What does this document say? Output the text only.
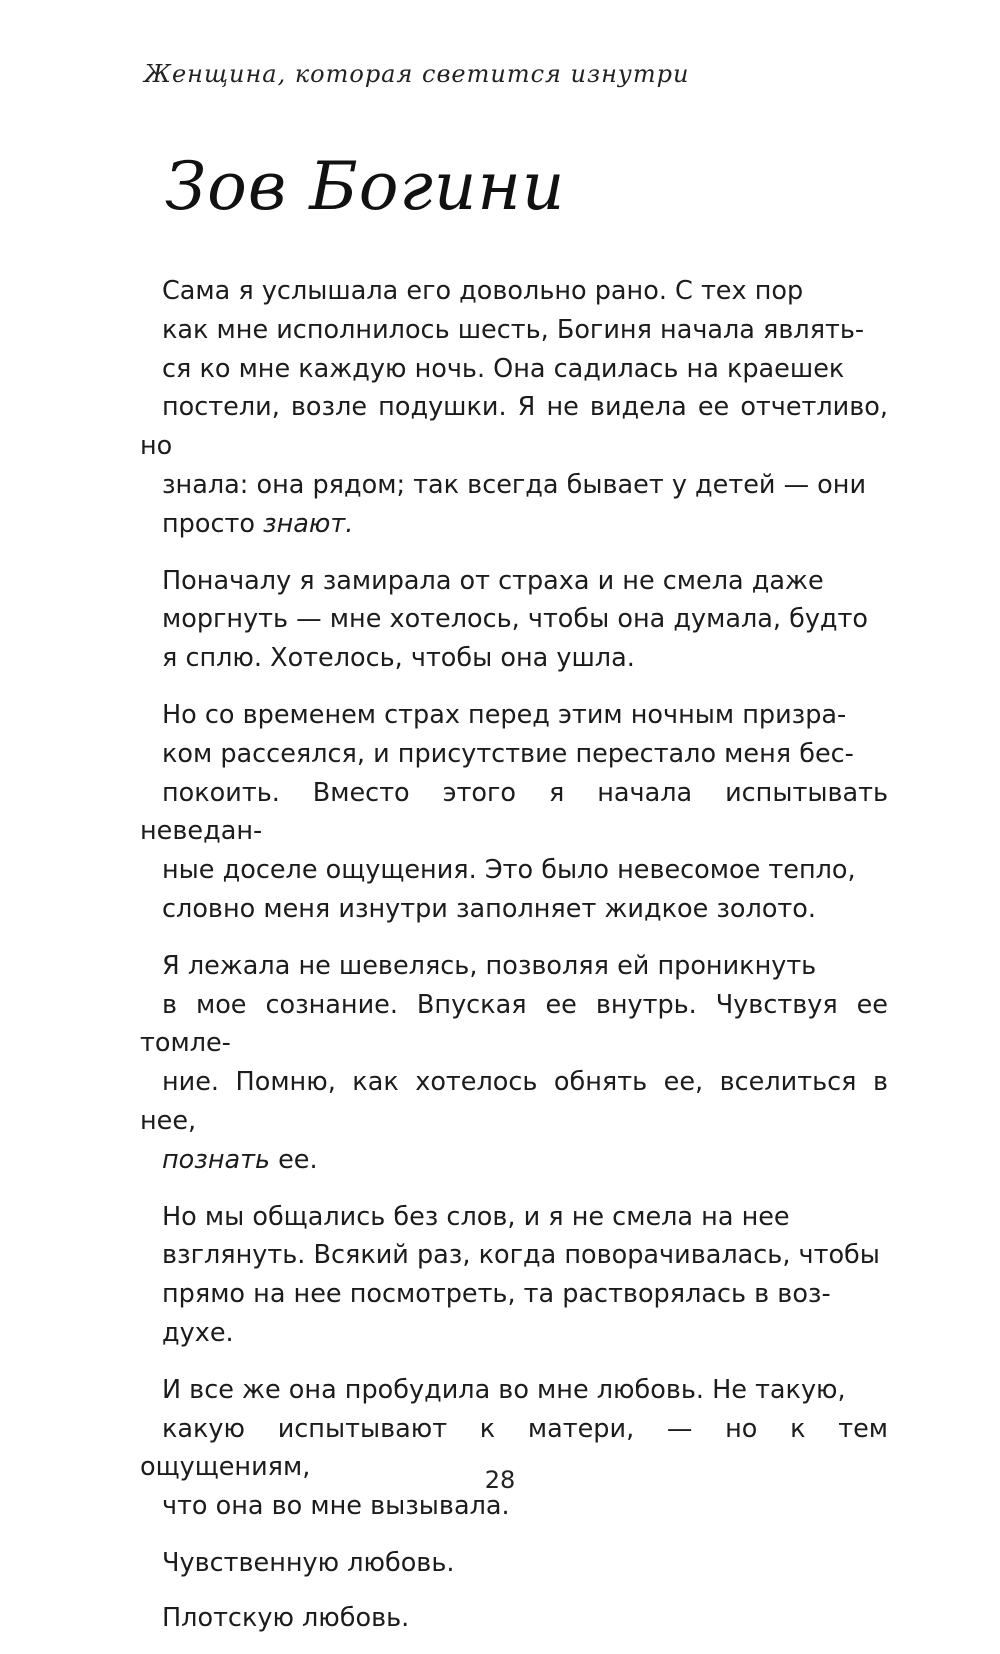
Женщина, которая светится изнутри
Зов Богини

Сама я услышала его довольно рано. С тех пор
как мне исполнилось шесть, Богиня начала являть-
ся ко мне каждую ночь. Она садилась на краешек
постели, возле подушки. Я не видела ее отчетливо, но
знала: она рядом; так всегда бывает у детей — они
просто знают.

Поначалу я замирала от страха и не смела даже
моргнуть — мне хотелось, чтобы она думала, будто
я сплю. Хотелось, чтобы она ушла.

Но со временем страх перед этим ночным призра-
ком рассеялся, и присутствие перестало меня бес-
покоить. Вместо этого я начала испытывать неведан-
ные доселе ощущения. Это было невесомое тепло,
словно меня изнутри заполняет жидкое золото.

Я лежала не шевелясь, позволяя ей проникнуть
в мое сознание. Впуская ее внутрь. Чувствуя ее томле-
ние. Помню, как хотелось обнять ее, вселиться в нее,
познать ее.

Но мы общались без слов, и я не смела на нее
взглянуть. Всякий раз, когда поворачивалась, чтобы
прямо на нее посмотреть, та растворялась в воз-
духе.

И все же она пробудила во мне любовь. Не такую,
какую испытывают к матери, — но к тем ощущениям,
что она во мне вызывала.

Чувственную любовь.

Плотскую любовь.

28
